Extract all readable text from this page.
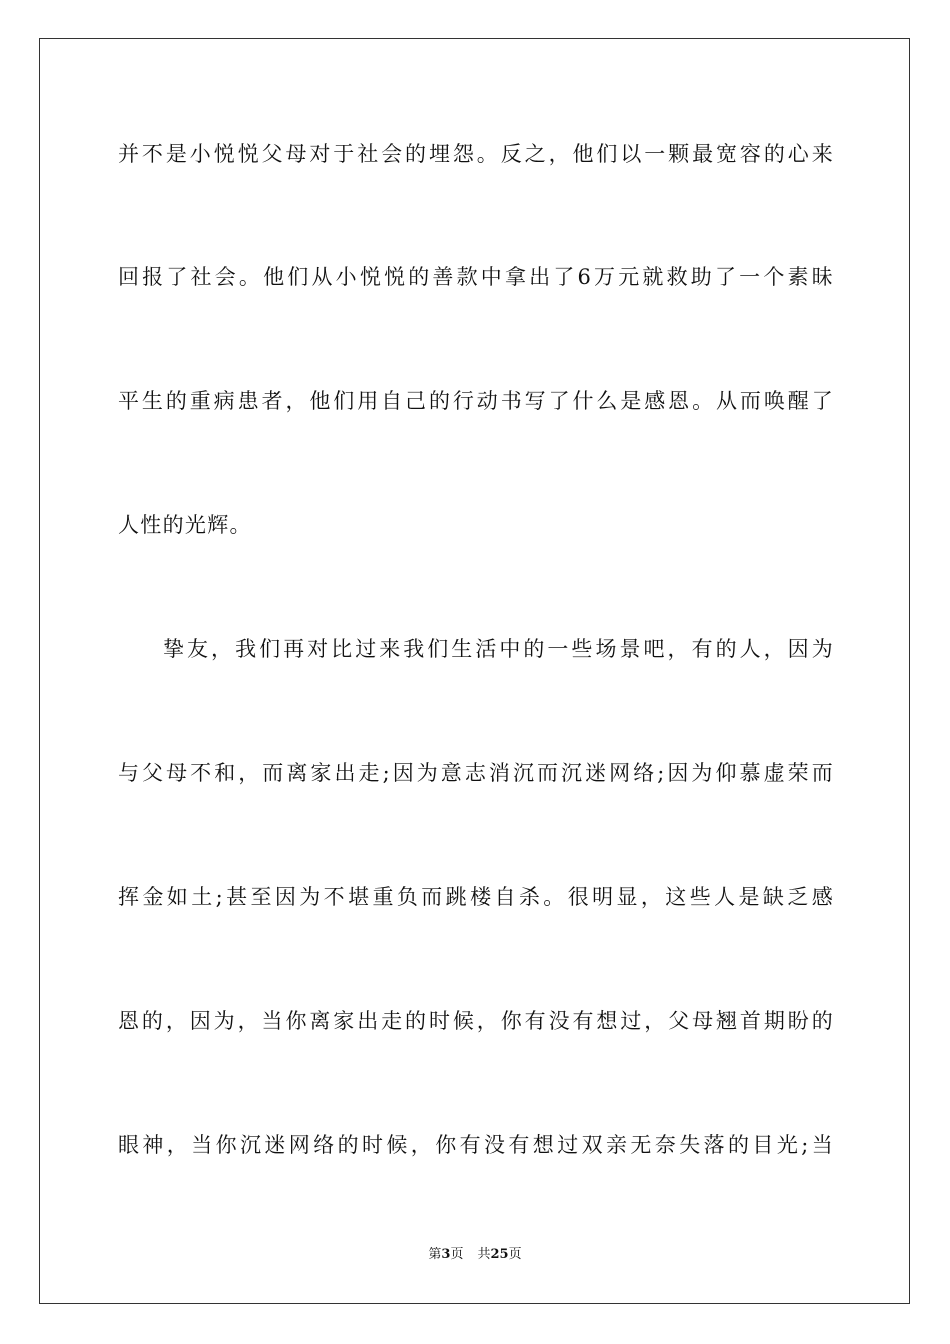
并不是小悦悦父母对于社会的埋怨。反之，他们以一颗最宽容的心来
回报了社会。他们从小悦悦的善款中拿出了6万元就救助了一个素昧
平生的重病患者，他们用自己的行动书写了什么是感恩。从而唤醒了
人性的光辉。
挚友，我们再对比过来我们生活中的一些场景吧，有的人，因为
与父母不和，而离家出走;因为意志消沉而沉迷网络;因为仰慕虚荣而
挥金如土;甚至因为不堪重负而跳楼自杀。很明显，这些人是缺乏感
恩的，因为，当你离家出走的时候，你有没有想过，父母翘首期盼的
眼神，当你沉迷网络的时候，你有没有想过双亲无奈失落的目光;当
第3页 共25页
